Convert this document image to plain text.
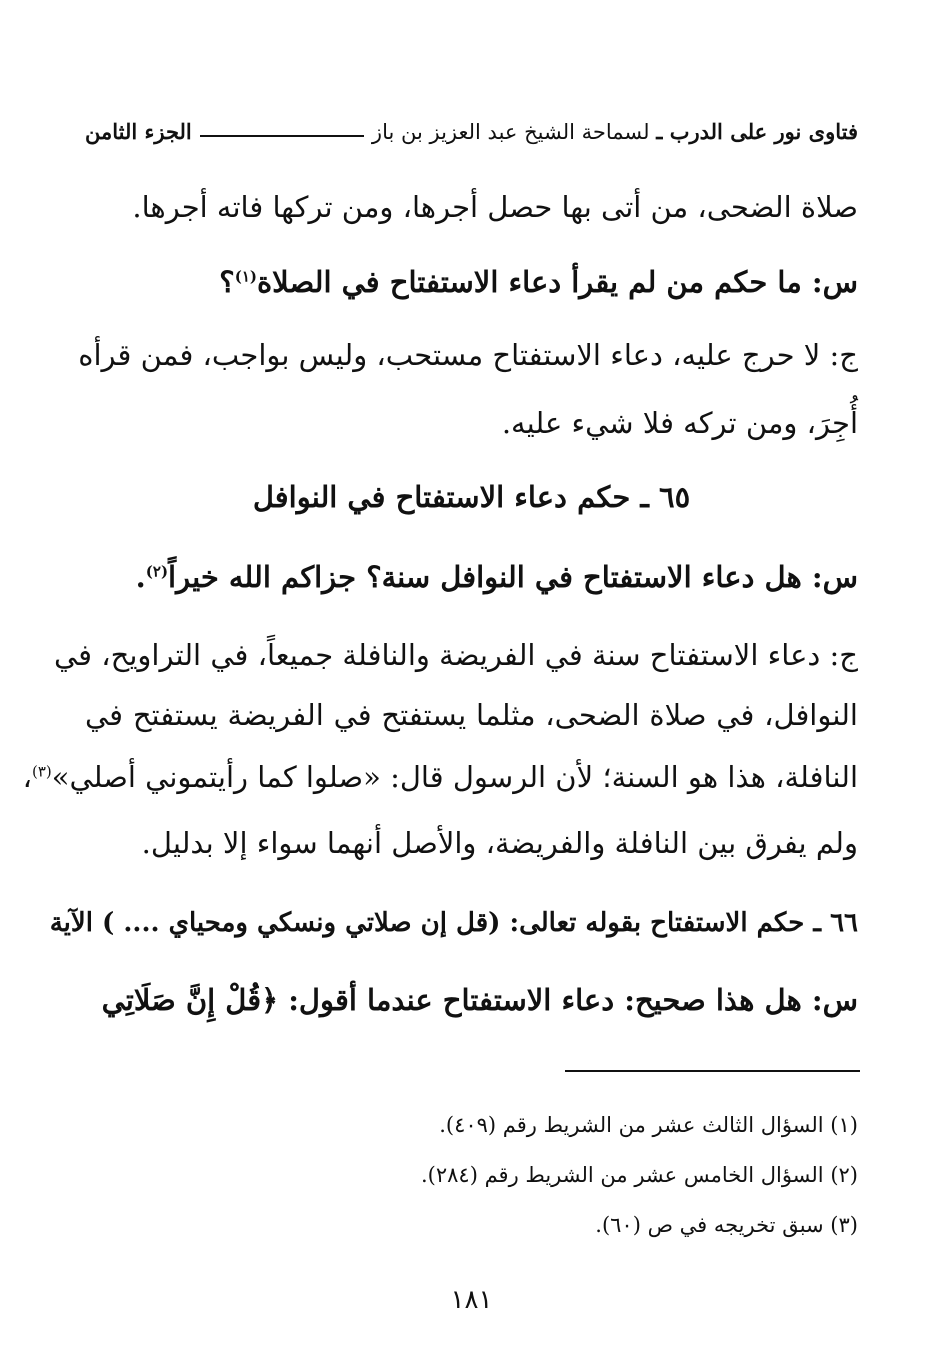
فتاوى نور على الدرب ـ لسماحة الشيخ عبد العزيز بن باز
الجزء الثامن
صلاة الضحى، من أتى بها حصل أجرها، ومن تركها فاته أجرها.
س: ما حكم من لم يقرأ دعاء الاستفتاح في الصلاة$^{(١)}$؟
ج: لا حرج عليه، دعاء الاستفتاح مستحب، وليس بواجب، فمن قرأه
أُجِرَ، ومن تركه فلا شيء عليه.
٦٥ ـ حكم دعاء الاستفتاح في النوافل
س: هل دعاء الاستفتاح في النوافل سنة؟ جزاكم الله خيراً$^{(٢)}$.
ج: دعاء الاستفتاح سنة في الفريضة والنافلة جميعاً، في التراويح، في
النوافل، في صلاة الضحى، مثلما يستفتح في الفريضة يستفتح في
النافلة، هذا هو السنة؛ لأن الرسول قال: «صلوا كما رأيتموني أصلي»$^{(٣)}$،
ولم يفرق بين النافلة والفريضة، والأصل أنهما سواء إلا بدليل.
٦٦ ـ حكم الاستفتاح بقوله تعالى: (قل إن صلاتي ونسكي ومحياي .... ) الآية
س: هل هذا صحيح: دعاء الاستفتاح عندما أقول: ﴿قُلْ إِنَّ صَلَاتِي
(١) السؤال الثالث عشر من الشريط رقم (٤٠٩).
(٢) السؤال الخامس عشر من الشريط رقم (٢٨٤).
(٣) سبق تخريجه في ص (٦٠).
١٨١
